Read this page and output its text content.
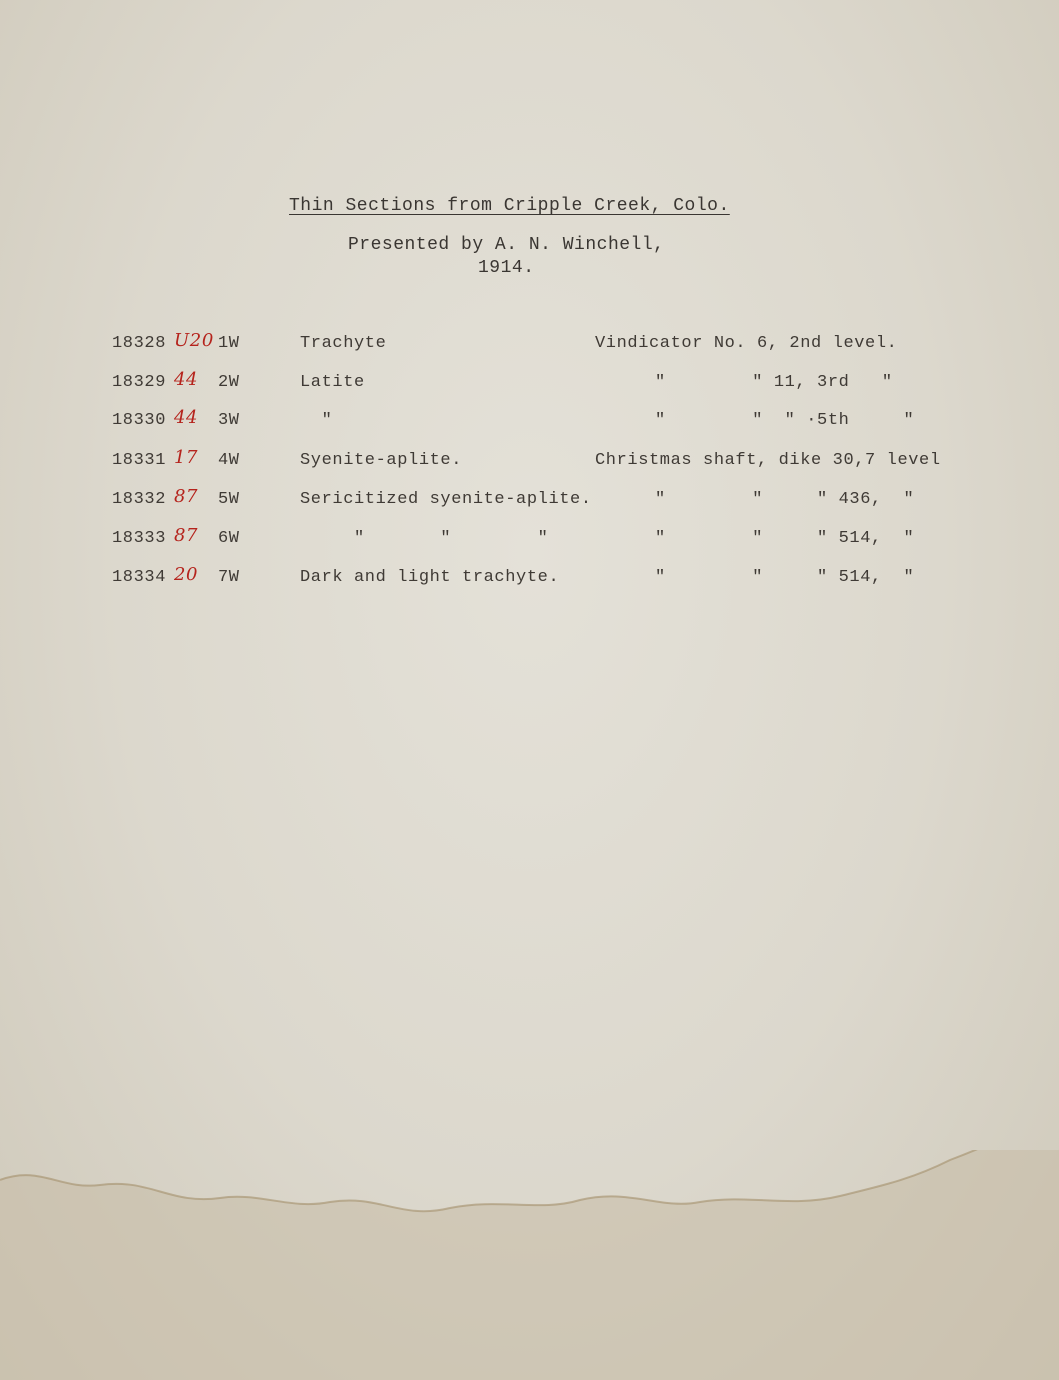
Thin Sections from Cripple Creek, Colo.
Presented by A. N. Winchell,
1914.
18328 U20 1W	Trachyte	Vindicator No. 6, 2nd level.
18329 44 2W	Latite	"        " 11, 3rd   "
18330 44 3W	"	"        "  " ·5th     "
18331 17 4W	Syenite-aplite.	Christmas shaft, dike 30,7 level
18332 87 5W	Sericitized syenite-aplite.	"        "     " 436,  "
18333 87 6W	"       "        "	"        "     " 514,  "
18334 20 7W	Dark and light trachyte.	"        "     " 514,  "
